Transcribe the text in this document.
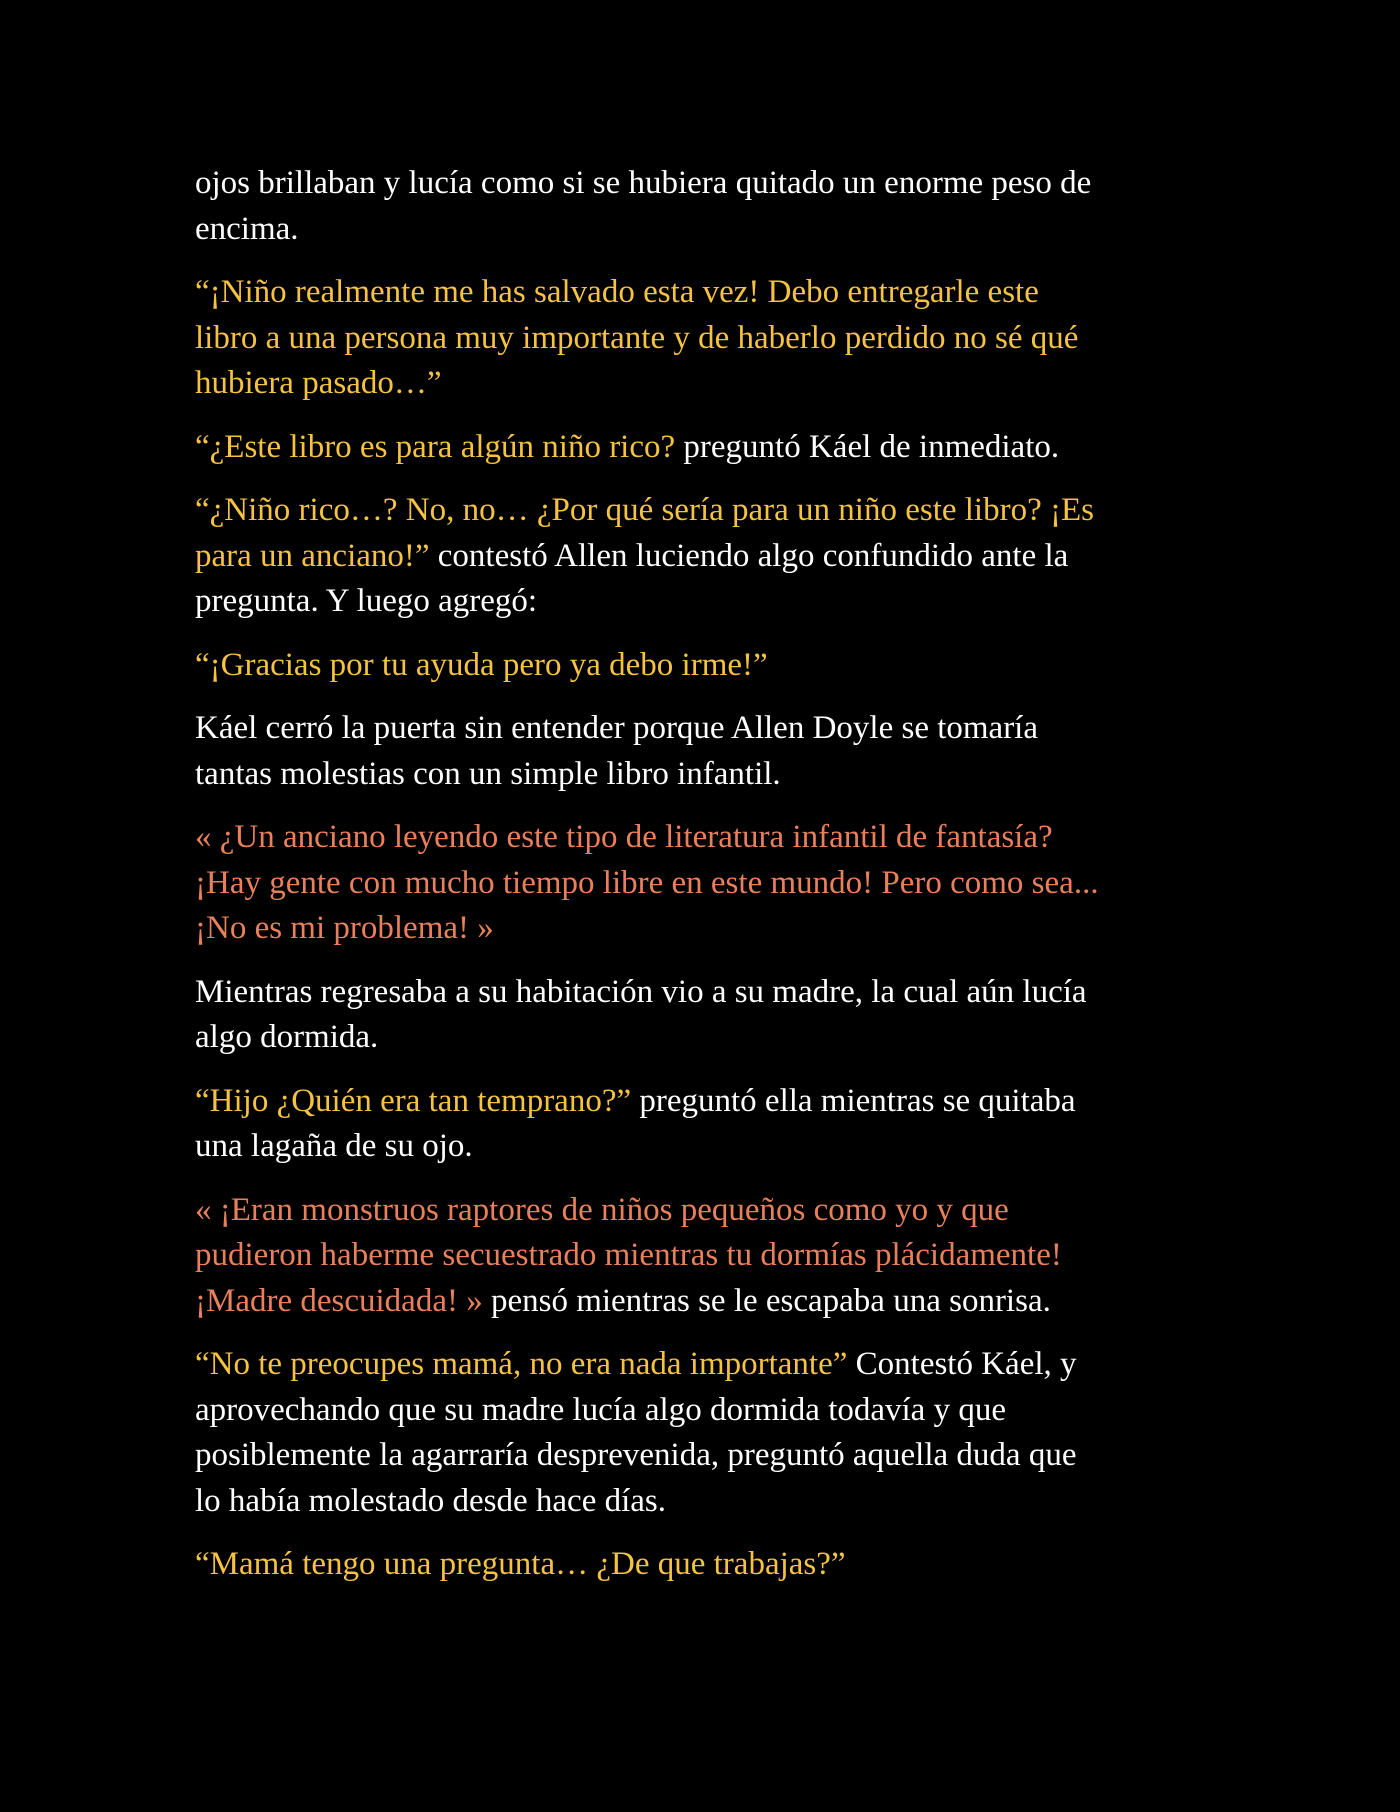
ojos brillaban y lucía como si se hubiera quitado un enorme peso de
encima.

“¡Niño realmente me has salvado esta vez! Debo entregarle este
libro a una persona muy importante y de haberlo perdido no sé qué
hubiera pasado…”

“¿Este libro es para algún niño rico? preguntó Káel de inmediato.

“¿Niño rico…? No, no… ¿Por qué sería para un niño este libro? ¡Es
para un anciano!” contestó Allen luciendo algo confundido ante la
pregunta. Y luego agregó:

“¡Gracias por tu ayuda pero ya debo irme!”

Káel cerró la puerta sin entender porque Allen Doyle se tomaría
tantas molestias con un simple libro infantil.

« ¿Un anciano leyendo este tipo de literatura infantil de fantasía?
¡Hay gente con mucho tiempo libre en este mundo! Pero como sea...
¡No es mi problema! »

Mientras regresaba a su habitación vio a su madre, la cual aún lucía
algo dormida.

“Hijo ¿Quién era tan temprano?” preguntó ella mientras se quitaba
una lagaña de su ojo.

« ¡Eran monstruos raptores de niños pequeños como yo y que
pudieron haberme secuestrado mientras tu dormías plácidamente!
¡Madre descuidada! » pensó mientras se le escapaba una sonrisa.

“No te preocupes mamá, no era nada importante” Contestó Káel, y
aprovechando que su madre lucía algo dormida todavía y que
posiblemente la agarraría desprevenida, preguntó aquella duda que
lo había molestado desde hace días.

“Mamá tengo una pregunta… ¿De que trabajas?”
